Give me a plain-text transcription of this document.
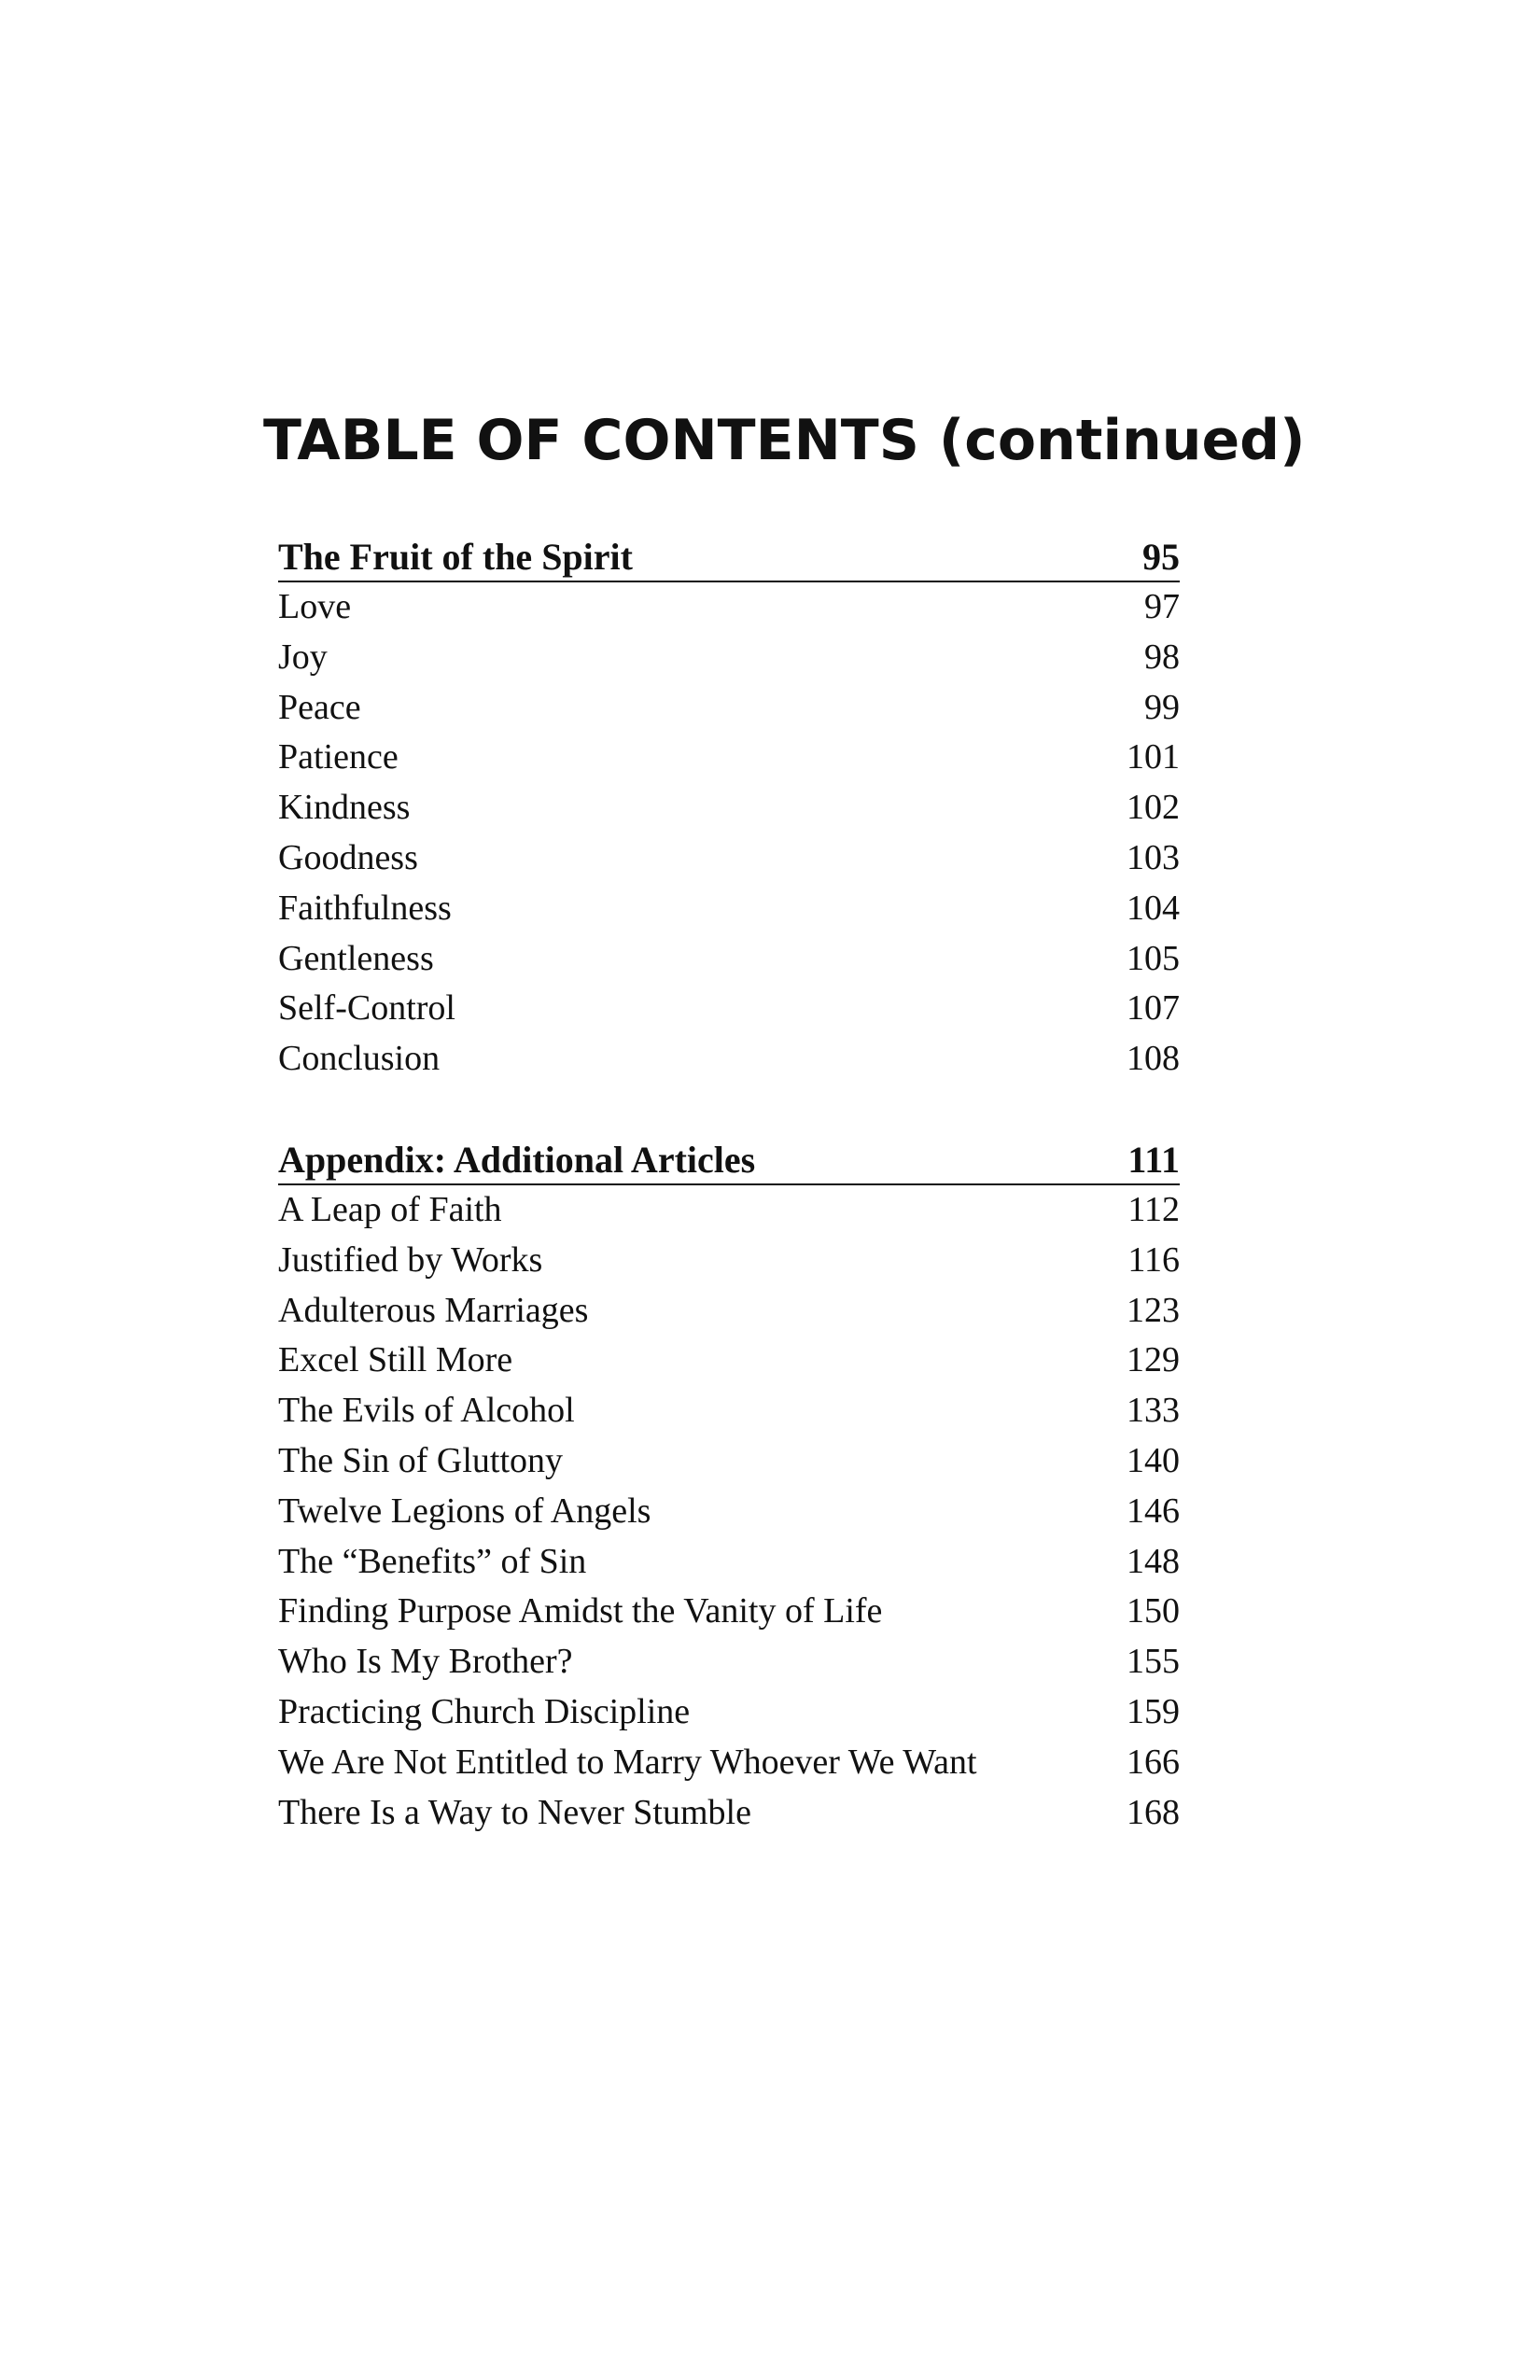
TABLE OF CONTENTS (continued)
The Fruit of the Spirit	95
Love	97
Joy	98
Peace	99
Patience	101
Kindness	102
Goodness	103
Faithfulness	104
Gentleness	105
Self-Control	107
Conclusion	108
Appendix: Additional Articles	111
A Leap of Faith	112
Justified by Works	116
Adulterous Marriages	123
Excel Still More	129
The Evils of Alcohol	133
The Sin of Gluttony	140
Twelve Legions of Angels	146
The “Benefits” of Sin	148
Finding Purpose Amidst the Vanity of Life	150
Who Is My Brother?	155
Practicing Church Discipline	159
We Are Not Entitled to Marry Whoever We Want	166
There Is a Way to Never Stumble	168
